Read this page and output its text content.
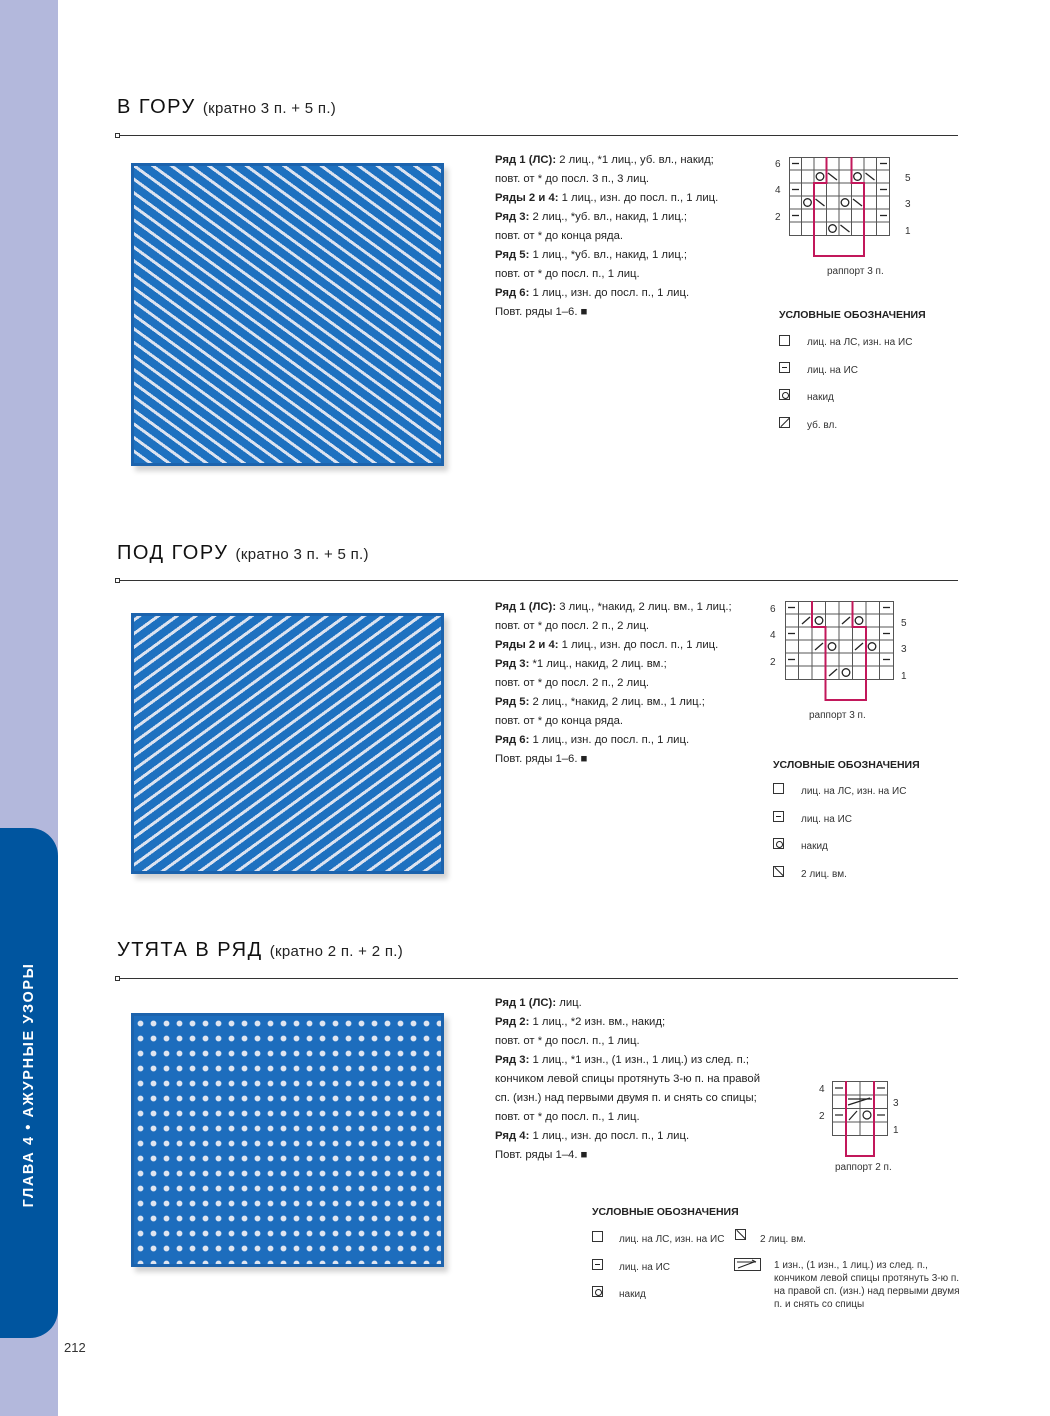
ГЛАВА 4 • АЖУРНЫЕ УЗОРЫ
212
В ГОРУ (кратно 3 п. + 5 п.)
Ряд 1 (ЛС): 2 лиц., *1 лиц., уб. вл., накид;
повт. от * до посл. 3 п., 3 лиц.
Ряды 2 и 4: 1 лиц., изн. до посл. п., 1 лиц.
Ряд 3: 2 лиц., *уб. вл., накид, 1 лиц.;
повт. от * до конца ряда.
Ряд 5: 1 лиц., *уб. вл., накид, 1 лиц.;
повт. от * до посл. п., 1 лиц.
Ряд 6: 1 лиц., изн. до посл. п., 1 лиц.
Повт. ряды 1–6. ■
6
4
2
5
3
1
раппорт 3 п.
УСЛОВНЫЕ ОБОЗНАЧЕНИЯ
лиц. на ЛС, изн. на ИС
лиц. на ИС
накид
уб. вл.
ПОД ГОРУ (кратно 3 п. + 5 п.)
Ряд 1 (ЛС): 3 лиц., *накид, 2 лиц. вм., 1 лиц.;
повт. от * до посл. 2 п., 2 лиц.
Ряды 2 и 4: 1 лиц., изн. до посл. п., 1 лиц.
Ряд 3: *1 лиц., накид, 2 лиц. вм.;
повт. от * до посл. 2 п., 2 лиц.
Ряд 5: 2 лиц., *накид, 2 лиц. вм., 1 лиц.;
повт. от * до конца ряда.
Ряд 6: 1 лиц., изн. до посл. п., 1 лиц.
Повт. ряды 1–6. ■
6
4
2
5
3
1
раппорт 3 п.
УСЛОВНЫЕ ОБОЗНАЧЕНИЯ
лиц. на ЛС, изн. на ИС
лиц. на ИС
накид
2 лиц. вм.
УТЯТА В РЯД (кратно 2 п. + 2 п.)
Ряд 1 (ЛС): лиц.
Ряд 2: 1 лиц., *2 изн. вм., накид;
повт. от * до посл. п., 1 лиц.
Ряд 3: 1 лиц., *1 изн., (1 изн., 1 лиц.) из след. п.;
кончиком левой спицы протянуть 3-ю п. на правой
сп. (изн.) над первыми двумя п. и снять со спицы;
повт. от * до посл. п., 1 лиц.
Ряд 4: 1 лиц., изн. до посл. п., 1 лиц.
Повт. ряды 1–4. ■
4
2
3
1
раппорт 2 п.
УСЛОВНЫЕ ОБОЗНАЧЕНИЯ
лиц. на ЛС, изн. на ИС
лиц. на ИС
накид
2 лиц. вм.
1 изн., (1 изн., 1 лиц.) из след. п., кончиком левой спицы протянуть 3-ю п. на правой сп. (изн.) над первыми двумя п. и снять со спицы
